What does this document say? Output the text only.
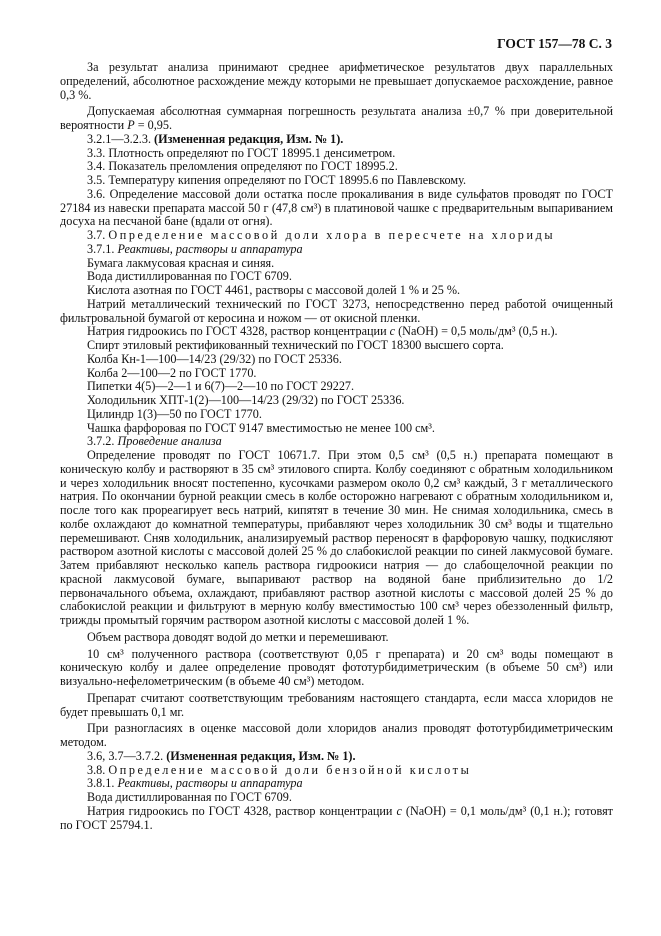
ГОСТ 157—78 С. 3

За результат анализа принимают среднее арифметическое результатов двух параллельных определений, абсолютное расхождение между которыми не превышает допускаемое расхождение, равное 0,3 %.

Допускаемая абсолютная суммарная погрешность результата анализа ±0,7 % при доверительной вероятности P = 0,95.

3.2.1—3.2.3. (Измененная редакция, Изм. № 1).

3.3. Плотность определяют по ГОСТ 18995.1 денсиметром.

3.4. Показатель преломления определяют по ГОСТ 18995.2.

3.5. Температуру кипения определяют по ГОСТ 18995.6 по Павлевскому.

3.6. Определение массовой доли остатка после прокаливания в виде сульфатов проводят по ГОСТ 27184 из навески препарата массой 50 г (47,8 см³) в платиновой чашке с предварительным выпариванием досуха на песчаной бане (вдали от огня).

3.7. Определение массовой доли хлора в пересчете на хлориды

3.7.1. Реактивы, растворы и аппаратура

Бумага лакмусовая красная и синяя.

Вода дистиллированная по ГОСТ 6709.

Кислота азотная по ГОСТ 4461, растворы с массовой долей 1 % и 25 %.

Натрий металлический технический по ГОСТ 3273, непосредственно перед работой очищенный фильтровальной бумагой от керосина и ножом — от окисной пленки.

Натрия гидроокись по ГОСТ 4328, раствор концентрации c (NaOH) = 0,5 моль/дм³ (0,5 н.).

Спирт этиловый ректификованный технический по ГОСТ 18300 высшего сорта.

Колба Кн-1—100—14/23 (29/32) по ГОСТ 25336.

Колба 2—100—2 по ГОСТ 1770.

Пипетки 4(5)—2—1 и 6(7)—2—10 по ГОСТ 29227.

Холодильник ХПТ-1(2)—100—14/23 (29/32) по ГОСТ 25336.

Цилиндр 1(3)—50 по ГОСТ 1770.

Чашка фарфоровая по ГОСТ 9147 вместимостью не менее 100 см³.

3.7.2. Проведение анализа

Определение проводят по ГОСТ 10671.7. При этом 0,5 см³ (0,5 н.) препарата помещают в коническую колбу и растворяют в 35 см³ этилового спирта. Колбу соединяют с обратным холодильником и через холодильник вносят постепенно, кусочками размером около 0,2 см³ каждый, 3 г металлического натрия. По окончании бурной реакции смесь в колбе осторожно нагревают с обратным холодильником и, после того как прореагирует весь натрий, кипятят в течение 30 мин. Не снимая холодильника, смесь в колбе охлаждают до комнатной температуры, прибавляют через холодильник 30 см³ воды и тщательно перемешивают. Сняв холодильник, анализируемый раствор переносят в фарфоровую чашку, подкисляют раствором азотной кислоты с массовой долей 25 % до слабокислой реакции по синей лакмусовой бумаге. Затем прибавляют несколько капель раствора гидроокиси натрия — до слабощелочной реакции по красной лакмусовой бумаге, выпаривают раствор на водяной бане приблизительно до 1/2 первоначального объема, охлаждают, прибавляют раствор азотной кислоты с массовой долей 25 % до слабокислой реакции и фильтруют в мерную колбу вместимостью 100 см³ через обеззоленный фильтр, трижды промытый горячим раствором азотной кислоты с массовой долей 1 %.

Объем раствора доводят водой до метки и перемешивают.

10 см³ полученного раствора (соответствуют 0,05 г препарата) и 20 см³ воды помещают в коническую колбу и далее определение проводят фототурбидиметрическим (в объеме 50 см³) или визуально-нефелометрическим (в объеме 40 см³) методом.

Препарат считают соответствующим требованиям настоящего стандарта, если масса хлоридов не будет превышать 0,1 мг.

При разногласиях в оценке массовой доли хлоридов анализ проводят фототурбидиметрическим методом.

3.6, 3.7—3.7.2. (Измененная редакция, Изм. № 1).

3.8. Определение массовой доли бензойной кислоты

3.8.1. Реактивы, растворы и аппаратура

Вода дистиллированная по ГОСТ 6709.

Натрия гидроокись по ГОСТ 4328, раствор концентрации c (NaOH) = 0,1 моль/дм³ (0,1 н.); готовят по ГОСТ 25794.1.
